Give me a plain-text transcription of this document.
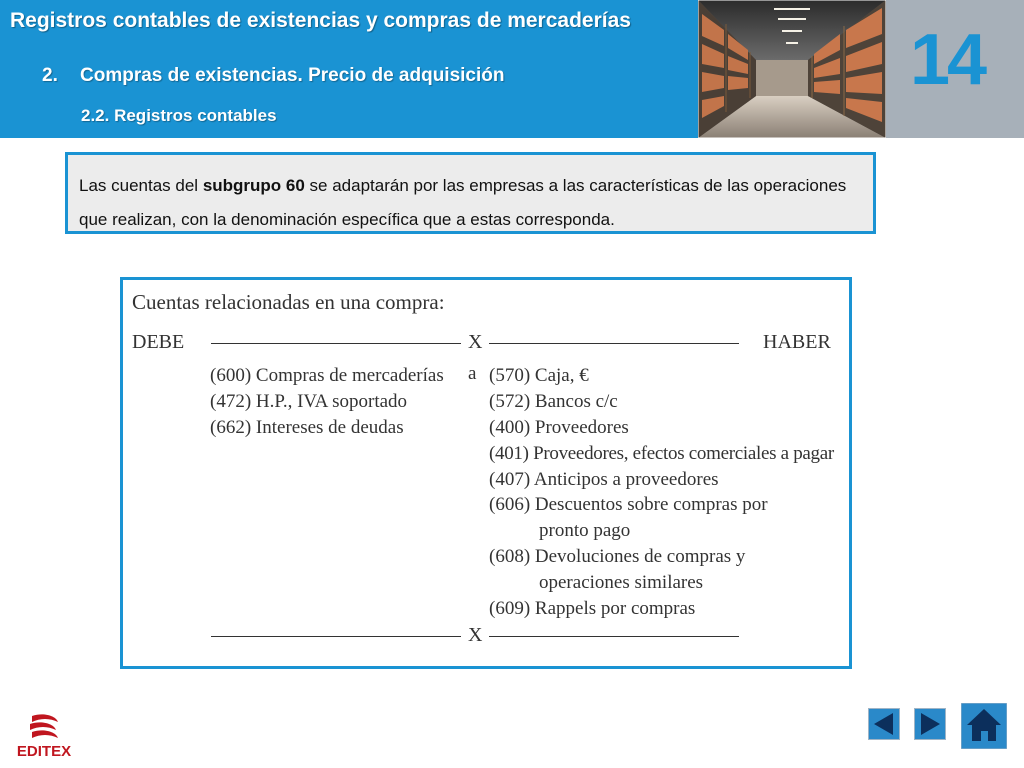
Registros contables de existencias y compras de mercaderías
2. Compras de existencias. Precio de adquisición
2.2. Registros contables
14

Las cuentas del subgrupo 60 se adaptarán por las empresas a las características de las operaciones que realizan, con la denominación específica que a estas corresponda.

Cuentas relacionadas en una compra:
DEBE	X	HABER
(600) Compras de mercaderías
(472) H.P., IVA soportado
(662) Intereses de deudas
a (570) Caja, €
(572) Bancos c/c
(400) Proveedores
(401) Proveedores, efectos comerciales a pagar
(407) Anticipos a proveedores
(606) Descuentos sobre compras por
pronto pago
(608) Devoluciones de compras y
operaciones similares
(609) Rappels por compras
X
EDITEX
